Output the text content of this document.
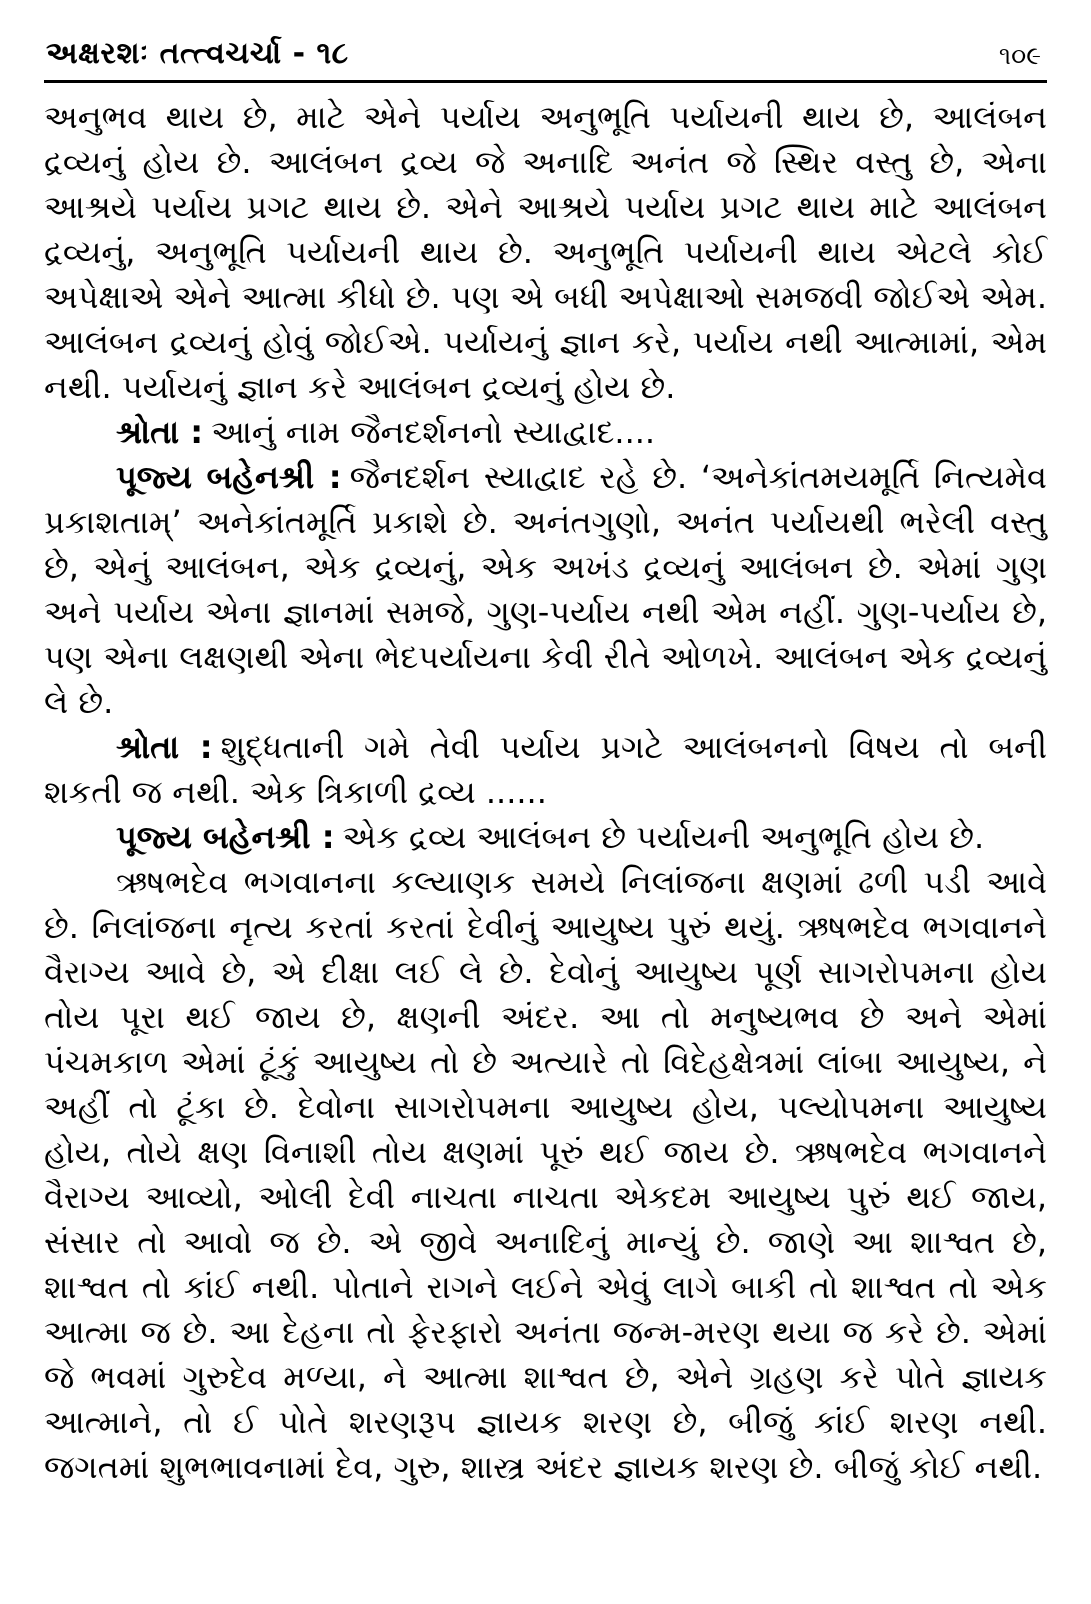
અક્ષરશઃ તત્ત્વચર્ચા - ૧૮	૧૦૯

અનુભવ થાય છે, માટે એને પર્યાય અનુભૂતિ પર્યાયની થાય છે, આલંબન દ્રવ્યનું હોય છે. આલંબન દ્રવ્ય જે અનાદિ અનંત જે સ્થિર વસ્તુ છે, એના આશ્રયે પર્યાય પ્રગટ થાય છે. એને આશ્રયે પર્યાય પ્રગટ થાય માટે આલંબન દ્રવ્યનું, અનુભૂતિ પર્યાયની થાય છે. અનુભૂતિ પર્યાયની થાય એટલે કોઈ અપેક્ષાએ એને આત્મા કીધો છે. પણ એ બધી અપેક્ષાઓ સમજવી જોઈએ એમ. આલંબન દ્રવ્યનું હોવું જોઈએ. પર્યાયનું જ્ઞાન કરે, પર્યાય નથી આત્મામાં, એમ નથી. પર્યાયનું જ્ઞાન કરે આલંબન દ્રવ્યનું હોય છે.

શ્રોતા : આનું નામ જૈનદર્શનનો સ્યાદ્વાદ....

પૂજ્ય બહેનશ્રી : જૈનદર્શન સ્યાદ્વાદ રહે છે. ‘અનેકાંતમયમૂર્તિ નિત્યમેવ પ્રકાશતામ્’ અનેકાંતમૂર્તિ પ્રકાશે છે. અનંતગુણો, અનંત પર્યાયથી ભરેલી વસ્તુ છે, એનું આલંબન, એક દ્રવ્યનું, એક અખંડ દ્રવ્યનું આલંબન છે. એમાં ગુણ અને પર્યાય એના જ્ઞાનમાં સમજે, ગુણ-પર્યાય નથી એમ નહીં. ગુણ-પર્યાય છે, પણ એના લક્ષણથી એના ભેદપર્યાયના કેવી રીતે ઓળખે. આલંબન એક દ્રવ્યનું લે છે.

શ્રોતા : શુદ્ધતાની ગમે તેવી પર્યાય પ્રગટે આલંબનનો વિષય તો બની શકતી જ નથી. એક ત્રિકાળી દ્રવ્ય ......

પૂજ્ય બહેનશ્રી : એક દ્રવ્ય આલંબન છે પર્યાયની અનુભૂતિ હોય છે.

ઋષભદેવ ભગવાનના કલ્યાણક સમયે નિલાંજના ક્ષણમાં ઢળી પડી આવે છે. નિલાંજના નૃત્ય કરતાં કરતાં દેવીનું આયુષ્ય પુરું થયું. ઋષભદેવ ભગવાનને વૈરાગ્ય આવે છે, એ દીક્ષા લઈ લે છે. દેવોનું આયુષ્ય પૂર્ણ સાગરોપમના હોય તોય પૂરા થઈ જાય છે, ક્ષણની અંદર. આ તો મનુષ્યભવ છે અને એમાં પંચમકાળ એમાં ટૂંકું આયુષ્ય તો છે અત્યારે તો વિદેહક્ષેત્રમાં લાંબા આયુષ્ય, ને અહીં તો ટૂંકા છે. દેવોના સાગરોપમના આયુષ્ય હોય, પલ્યોપમના આયુષ્ય હોય, તોયે ક્ષણ વિનાશી તોય ક્ષણમાં પૂરું થઈ જાય છે. ઋષભદેવ ભગવાનને વૈરાગ્ય આવ્યો, ઓલી દેવી નાચતા નાચતા એકદમ આયુષ્ય પુરું થઈ જાય, સંસાર તો આવો જ છે. એ જીવે અનાદિનું માન્યું છે. જાણે આ શાશ્વત છે, શાશ્વત તો કાંઈ નથી. પોતાને રાગને લઈને એવું લાગે બાકી તો શાશ્વત તો એક આત્મા જ છે. આ દેહના તો ફેરફારો અનંતા જન્મ-મરણ થયા જ કરે છે. એમાં જે ભવમાં ગુરુદેવ મળ્યા, ને આત્મા શાશ્વત છે, એને ગ્રહણ કરે પોતે જ્ઞાયક આત્માને, તો ઈ પોતે શરણરૂપ જ્ઞાયક શરણ છે, બીજું કાંઈ શરણ નથી. જગતમાં શુભભાવનામાં દેવ, ગુરુ, શાસ્ત્ર અંદર જ્ઞાયક શરણ છે. બીજું કોઈ નથી.
